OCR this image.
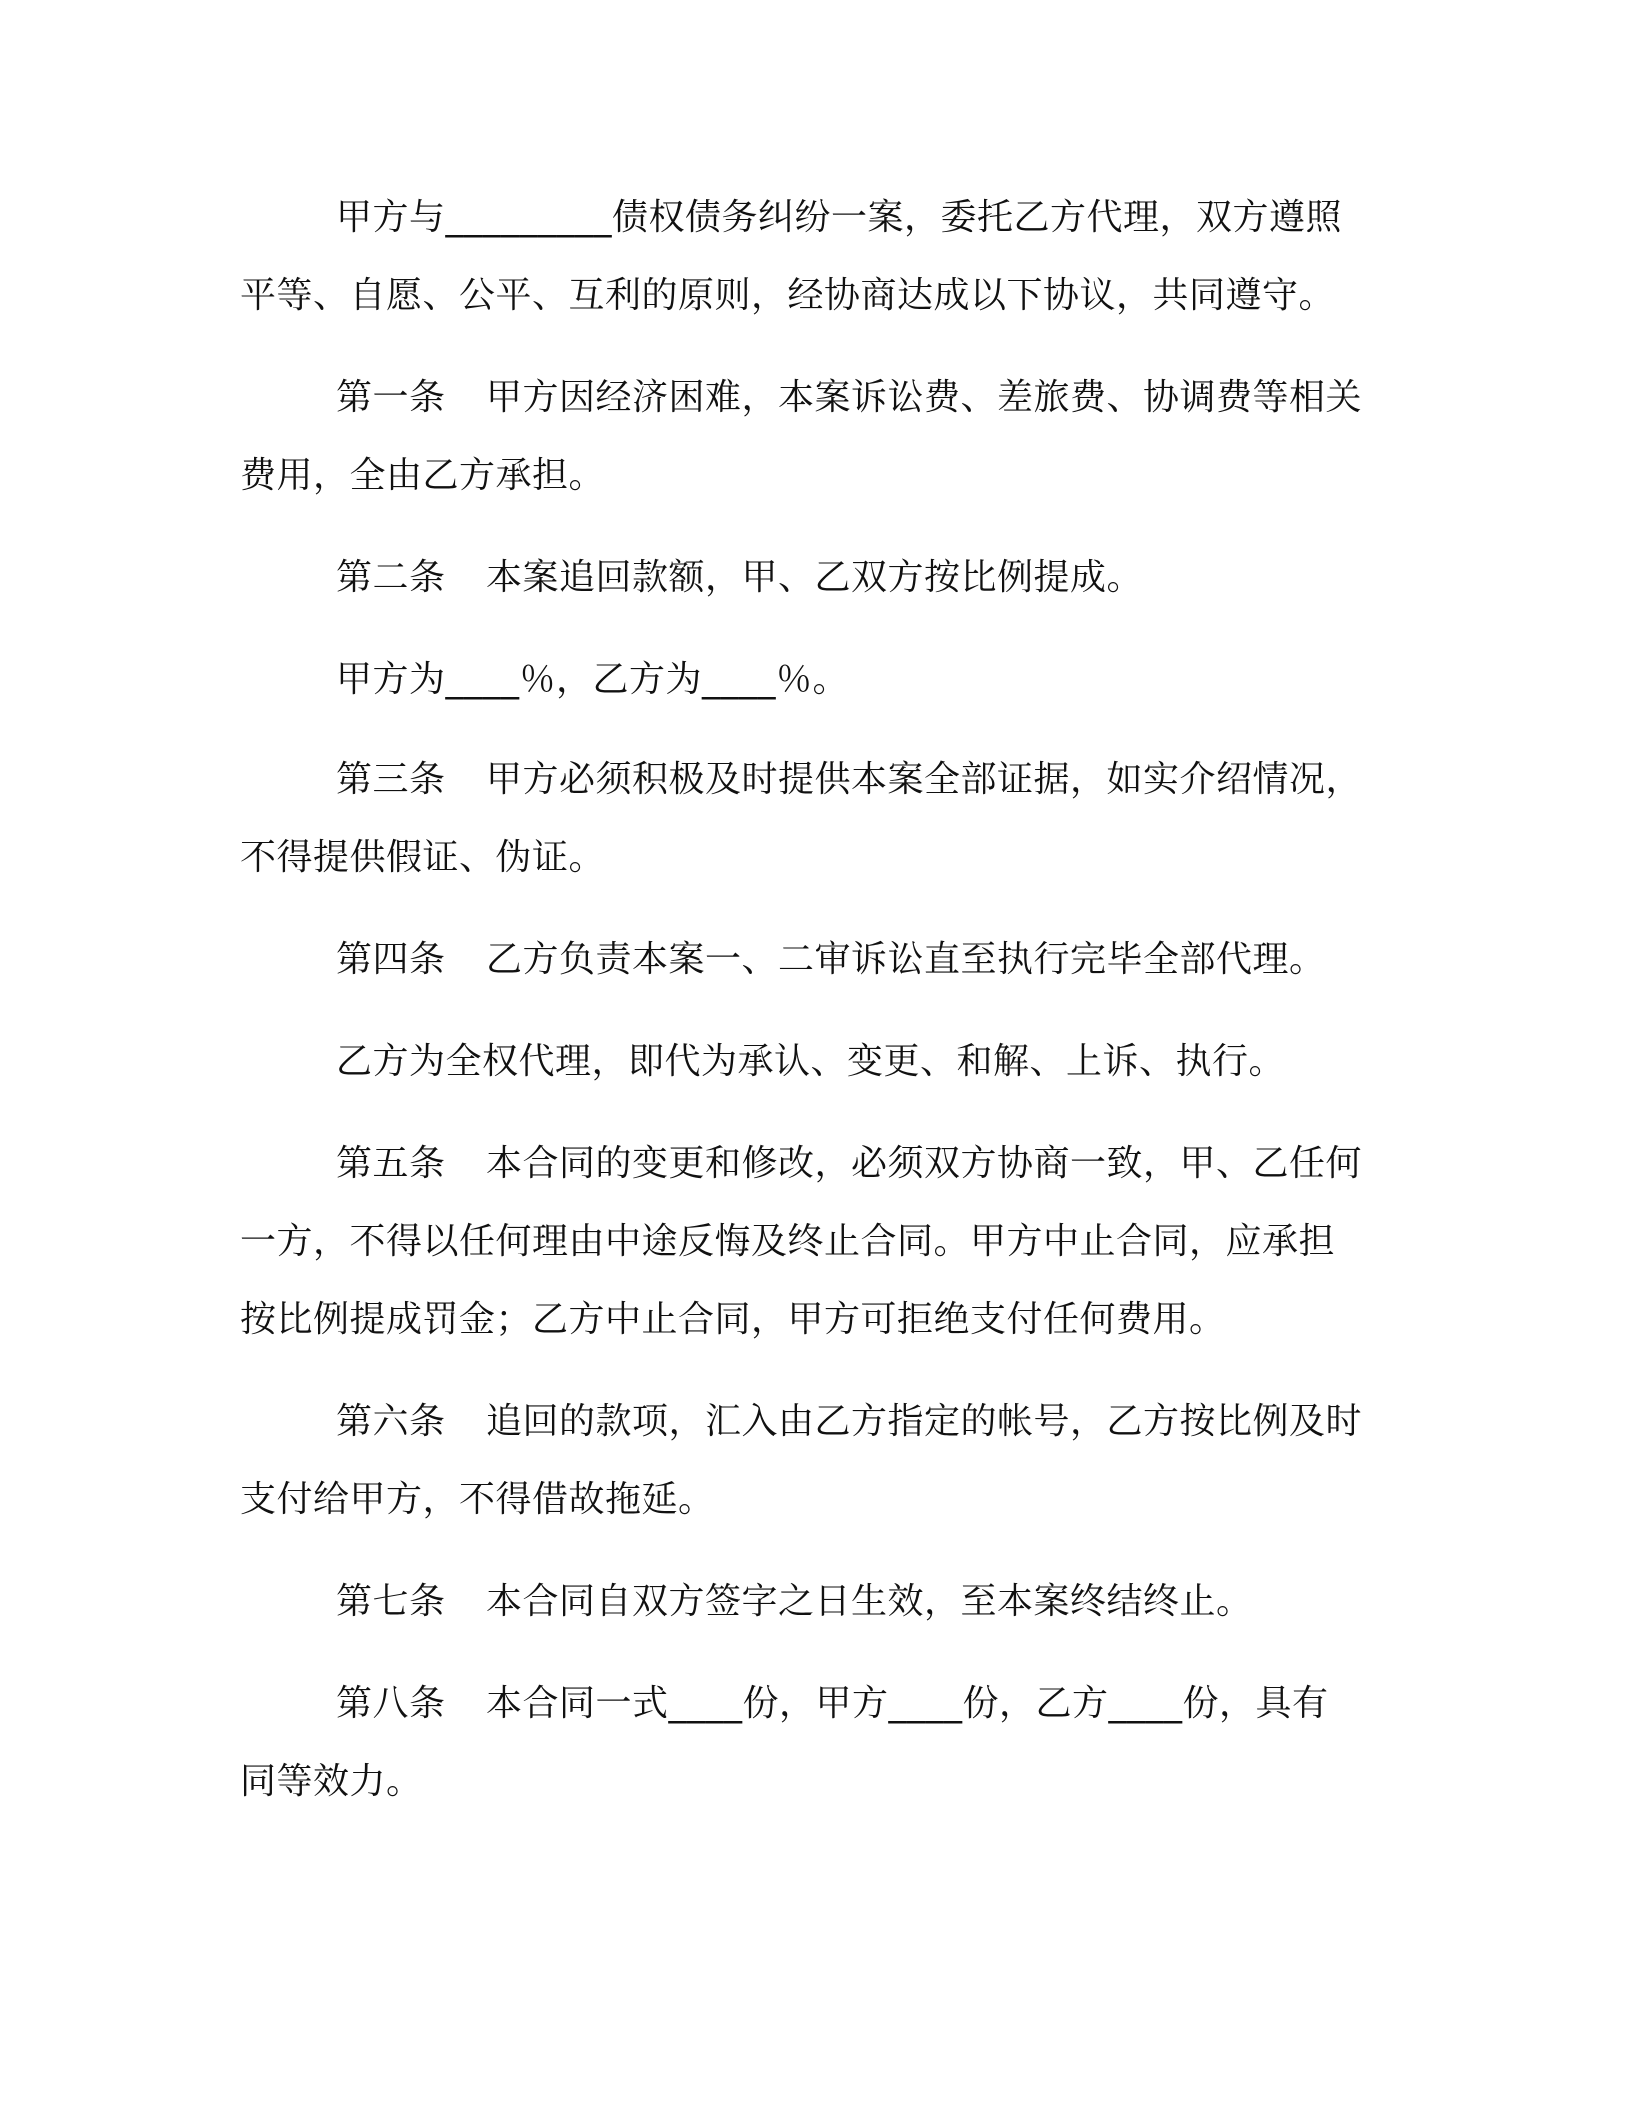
甲方与_________债权债务纠纷一案，委托乙方代理，双方遵照
平等、自愿、公平、互利的原则，经协商达成以下协议，共同遵守。
第一条 甲方因经济困难，本案诉讼费、差旅费、协调费等相关
费用，全由乙方承担。
第二条 本案追回款额，甲、乙双方按比例提成。
甲方为____％，乙方为____％。
第三条 甲方必须积极及时提供本案全部证据，如实介绍情况，
不得提供假证、伪证。
第四条 乙方负责本案一、二审诉讼直至执行完毕全部代理。
乙方为全权代理，即代为承认、变更、和解、上诉、执行。
第五条 本合同的变更和修改，必须双方协商一致，甲、乙任何
一方，不得以任何理由中途反悔及终止合同。甲方中止合同，应承担
按比例提成罚金；乙方中止合同，甲方可拒绝支付任何费用。
第六条 追回的款项，汇入由乙方指定的帐号，乙方按比例及时
支付给甲方，不得借故拖延。
第七条 本合同自双方签字之日生效，至本案终结终止。
第八条 本合同一式____份，甲方____份，乙方____份，具有
同等效力。
